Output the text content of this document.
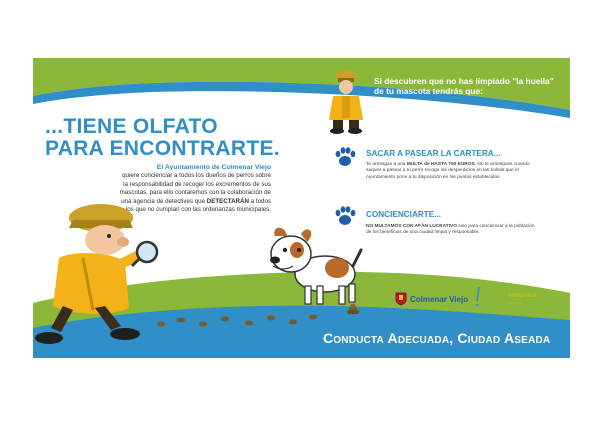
Si descubren que no has limpiado "la huella" de tu mascota tendrás que:
...TIENE OLFATO
PARA ENCONTRARTE.
El Ayuntamiento de Colmenar Viejo
quiere concienciar a todos los dueños de perros sobre la responsabilidad de recoger los excrementos de sus mascotas, para ello contaremos con la colaboración de una agencia de detectives que DETECTARÁN a todos los que no cumplan con las ordenanzas municipales.
SACAR A PASEAR LA CARTERA...
Te arriesgas a una MULTA de HASTA 750 EUROS. No te arriesgues cuando saques a pasear a tu perro recoge los desperdicios en las bolsas que el Ayuntamiento pone a tu disposición en los puntos establecidos.
CONCIENCIARTE...
NO MULTAMOS CON AFÁN LUCRATIVO sino para concienciar a la población de los beneficios de una ciudad limpia y responsable.
Colmenar Viejo	femenera
servicios
Conducta Adecuada, Ciudad Aseada
